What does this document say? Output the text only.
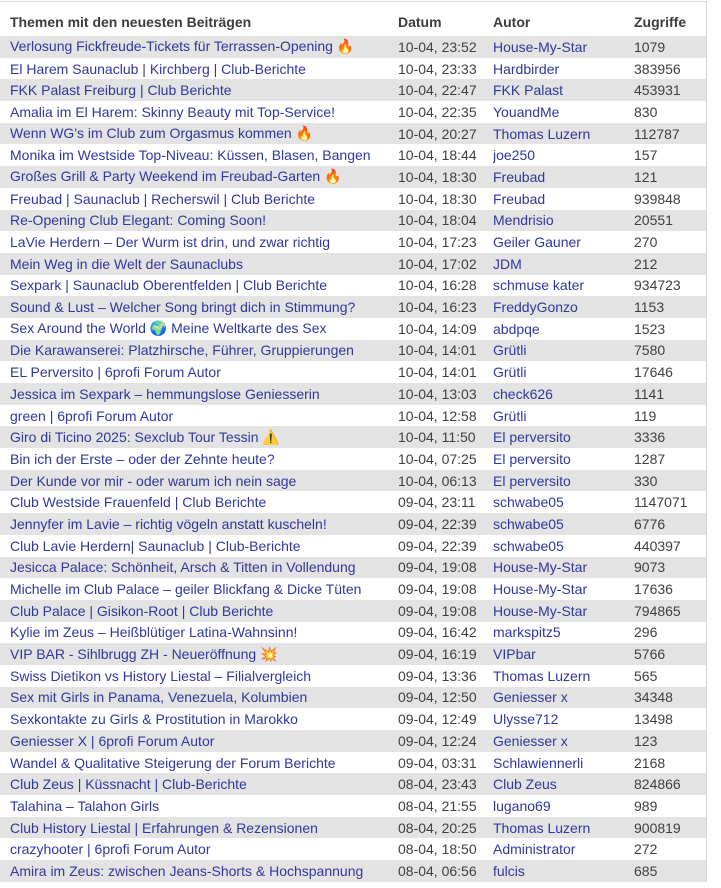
Themen mit den neuesten Beiträgen	Datum	Autor	Zugriffe
Verlosung Fickfreude-Tickets für Terrassen-Opening 🔥	10-04, 23:52	House-My-Star	1079
El Harem Saunaclub | Kirchberg | Club-Berichte	10-04, 23:33	Hardbirder	383956
FKK Palast Freiburg | Club Berichte	10-04, 22:47	FKK Palast	453931
Amalia im El Harem: Skinny Beauty mit Top-Service!	10-04, 22:35	YouandMe	830
Wenn WG's im Club zum Orgasmus kommen 🔥	10-04, 20:27	Thomas Luzern	112787
Monika im Westside Top-Niveau: Küssen, Blasen, Bangen	10-04, 18:44	joe250	157
Großes Grill & Party Weekend im Freubad-Garten 🔥	10-04, 18:30	Freubad	121
Freubad | Saunaclub | Recherswil | Club Berichte	10-04, 18:30	Freubad	939848
Re-Opening Club Elegant: Coming Soon!	10-04, 18:04	Mendrisio	20551
LaVie Herdern – Der Wurm ist drin, und zwar richtig	10-04, 17:23	Geiler Gauner	270
Mein Weg in die Welt der Saunaclubs	10-04, 17:02	JDM	212
Sexpark | Saunaclub Oberentfelden | Club Berichte	10-04, 16:28	schmuse kater	934723
Sound & Lust – Welcher Song bringt dich in Stimmung?	10-04, 16:23	FreddyGonzo	1153
Sex Around the World 🌍 Meine Weltkarte des Sex	10-04, 14:09	abdpqe	1523
Die Karawanserei: Platzhirsche, Führer, Gruppierungen	10-04, 14:01	Grütli	7580
EL Perversito | 6profi Forum Autor	10-04, 14:01	Grütli	17646
Jessica im Sexpark – hemmungslose Geniesserin	10-04, 13:03	check626	1141
green | 6profi Forum Autor	10-04, 12:58	Grütli	119
Giro di Ticino 2025: Sexclub Tour Tessin ⚠️	10-04, 11:50	El perversito	3336
Bin ich der Erste – oder der Zehnte heute?	10-04, 07:25	El perversito	1287
Der Kunde vor mir - oder warum ich nein sage	10-04, 06:13	El perversito	330
Club Westside Frauenfeld | Club Berichte	09-04, 23:11	schwabe05	1147071
Jennyfer im Lavie – richtig vögeln anstatt kuscheln!	09-04, 22:39	schwabe05	6776
Club Lavie Herdern| Saunaclub | Club-Berichte	09-04, 22:39	schwabe05	440397
Jesicca Palace: Schönheit, Arsch & Titten in Vollendung	09-04, 19:08	House-My-Star	9073
Michelle im Club Palace – geiler Blickfang & Dicke Tüten	09-04, 19:08	House-My-Star	17636
Club Palace | Gisikon-Root | Club Berichte	09-04, 19:08	House-My-Star	794865
Kylie im Zeus – Heißblütiger Latina-Wahnsinn!	09-04, 16:42	markspitz5	296
VIP BAR - Sihlbrugg ZH - Neueröffnung 💥	09-04, 16:19	VIPbar	5766
Swiss Dietikon vs History Liestal – Filialvergleich	09-04, 13:36	Thomas Luzern	565
Sex mit Girls in Panama, Venezuela, Kolumbien	09-04, 12:50	Geniesser x	34348
Sexkontakte zu Girls & Prostitution in Marokko	09-04, 12:49	Ulysse712	13498
Geniesser X | 6profi Forum Autor	09-04, 12:24	Geniesser x	123
Wandel & Qualitative Steigerung der Forum Berichte	09-04, 03:31	Schlawiennerli	2168
Club Zeus | Küssnacht | Club-Berichte	08-04, 23:43	Club Zeus	824866
Talahina – Talahon Girls	08-04, 21:55	lugano69	989
Club History Liestal | Erfahrungen & Rezensionen	08-04, 20:25	Thomas Luzern	900819
crazyhooter | 6profi Forum Autor	08-04, 18:50	Administrator	272
Amira im Zeus: zwischen Jeans-Shorts & Hochspannung	08-04, 06:56	fulcis	685
